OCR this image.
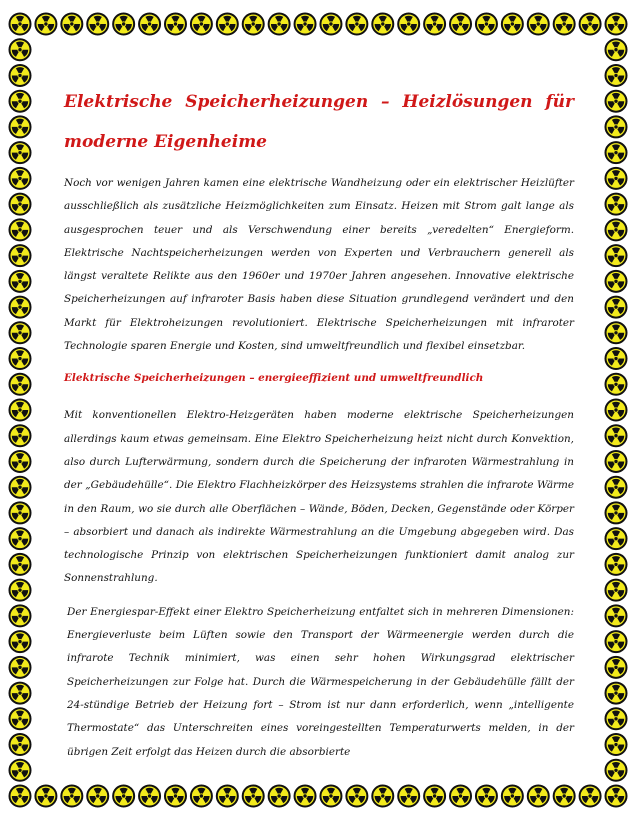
Elektrische Speicherheizungen – Heizlösungen für moderne Eigenheime

Noch vor wenigen Jahren kamen eine elektrische Wandheizung oder ein elektrischer Heizlüfter ausschließlich als zusätzliche Heizmöglichkeiten zum Einsatz. Heizen mit Strom galt lange als ausgesprochen teuer und als Verschwendung einer bereits „veredelten“ Energieform. Elektrische Nachtspeicherheizungen werden von Experten und Verbrauchern generell als längst veraltete Relikte aus den 1960er und 1970er Jahren angesehen. Innovative elektrische Speicherheizungen auf infraroter Basis haben diese Situation grundlegend verändert und den Markt für Elektroheizungen revolutioniert. Elektrische Speicherheizungen mit infraroter Technologie sparen Energie und Kosten, sind umweltfreundlich und flexibel einsetzbar.

Elektrische Speicherheizungen – energieeffizient und umweltfreundlich

Mit konventionellen Elektro-Heizgeräten haben moderne elektrische Speicherheizungen allerdings kaum etwas gemeinsam. Eine Elektro Speicherheizung heizt nicht durch Konvektion, also durch Lufterwärmung, sondern durch die Speicherung der infraroten Wärmestrahlung in der „Gebäudehülle“. Die Elektro Flachheizkörper des Heizsystems strahlen die infrarote Wärme in den Raum, wo sie durch alle Oberflächen – Wände, Böden, Decken, Gegenstände oder Körper – absorbiert und danach als indirekte Wärmestrahlung an die Umgebung abgegeben wird. Das technologische Prinzip von elektrischen Speicherheizungen funktioniert damit analog zur Sonnenstrahlung.

Der Energiespar-Effekt einer Elektro Speicherheizung entfaltet sich in mehreren Dimensionen: Energieverluste beim Lüften sowie den Transport der Wärmeenergie werden durch die infrarote Technik minimiert, was einen sehr hohen Wirkungsgrad elektrischer Speicherheizungen zur Folge hat. Durch die Wärmespeicherung in der Gebäudehülle fällt der 24-stündige Betrieb der Heizung fort – Strom ist nur dann erforderlich, wenn „intelligente Thermostate“ das Unterschreiten eines voreingestellten Temperaturwerts melden, in der übrigen Zeit erfolgt das Heizen durch die absorbierte
